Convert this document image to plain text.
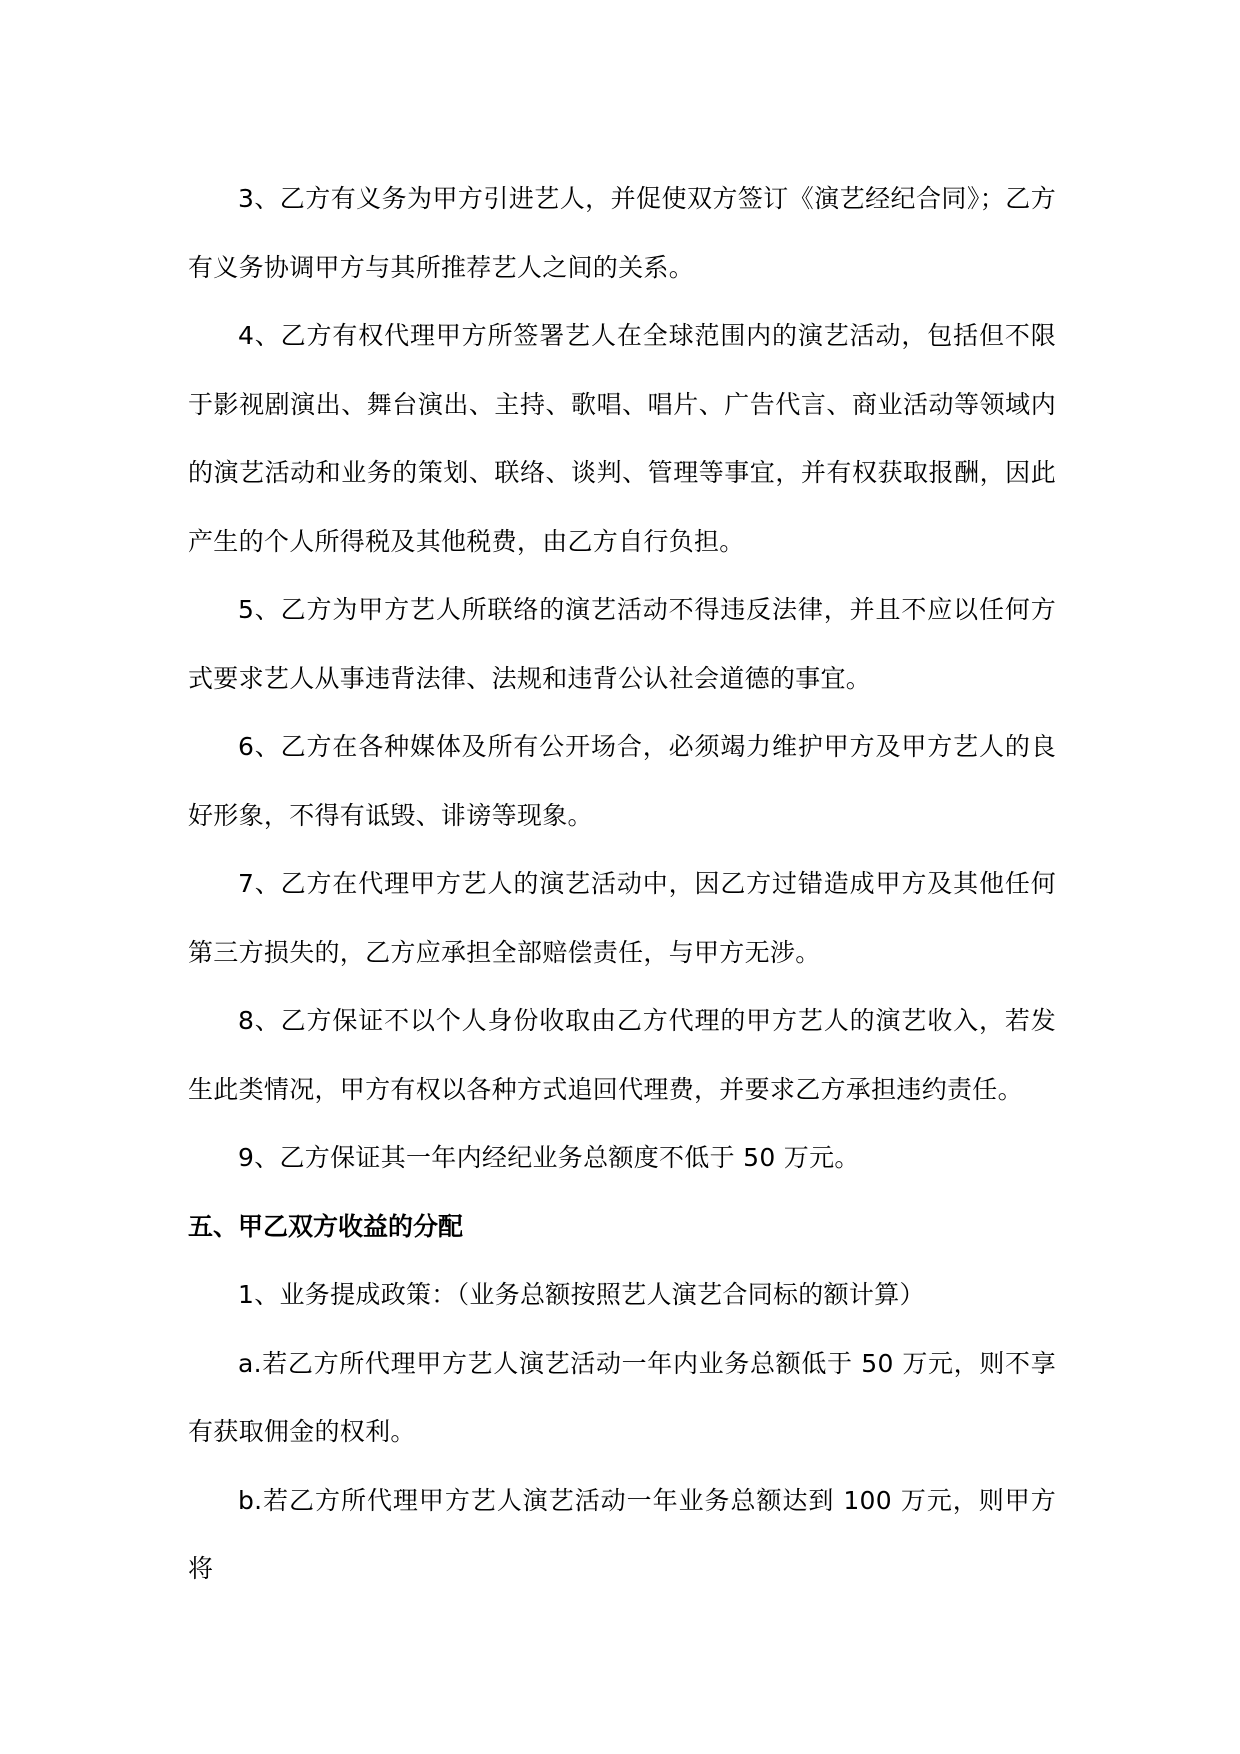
3、乙方有义务为甲方引进艺人，并促使双方签订《演艺经纪合同》；乙方有义务协调甲方与其所推荐艺人之间的关系。

4、乙方有权代理甲方所签署艺人在全球范围内的演艺活动，包括但不限于影视剧演出、舞台演出、主持、歌唱、唱片、广告代言、商业活动等领域内的演艺活动和业务的策划、联络、谈判、管理等事宜，并有权获取报酬，因此产生的个人所得税及其他税费，由乙方自行负担。

5、乙方为甲方艺人所联络的演艺活动不得违反法律，并且不应以任何方式要求艺人从事违背法律、法规和违背公认社会道德的事宜。

6、乙方在各种媒体及所有公开场合，必须竭力维护甲方及甲方艺人的良好形象，不得有诋毁、诽谤等现象。

7、乙方在代理甲方艺人的演艺活动中，因乙方过错造成甲方及其他任何第三方损失的，乙方应承担全部赔偿责任，与甲方无涉。

8、乙方保证不以个人身份收取由乙方代理的甲方艺人的演艺收入，若发生此类情况，甲方有权以各种方式追回代理费，并要求乙方承担违约责任。

9、乙方保证其一年内经纪业务总额度不低于 50 万元。

五、甲乙双方收益的分配

1、业务提成政策：（业务总额按照艺人演艺合同标的额计算）

a.若乙方所代理甲方艺人演艺活动一年内业务总额低于 50 万元，则不享有获取佣金的权利。

b.若乙方所代理甲方艺人演艺活动一年业务总额达到 100 万元，则甲方将
